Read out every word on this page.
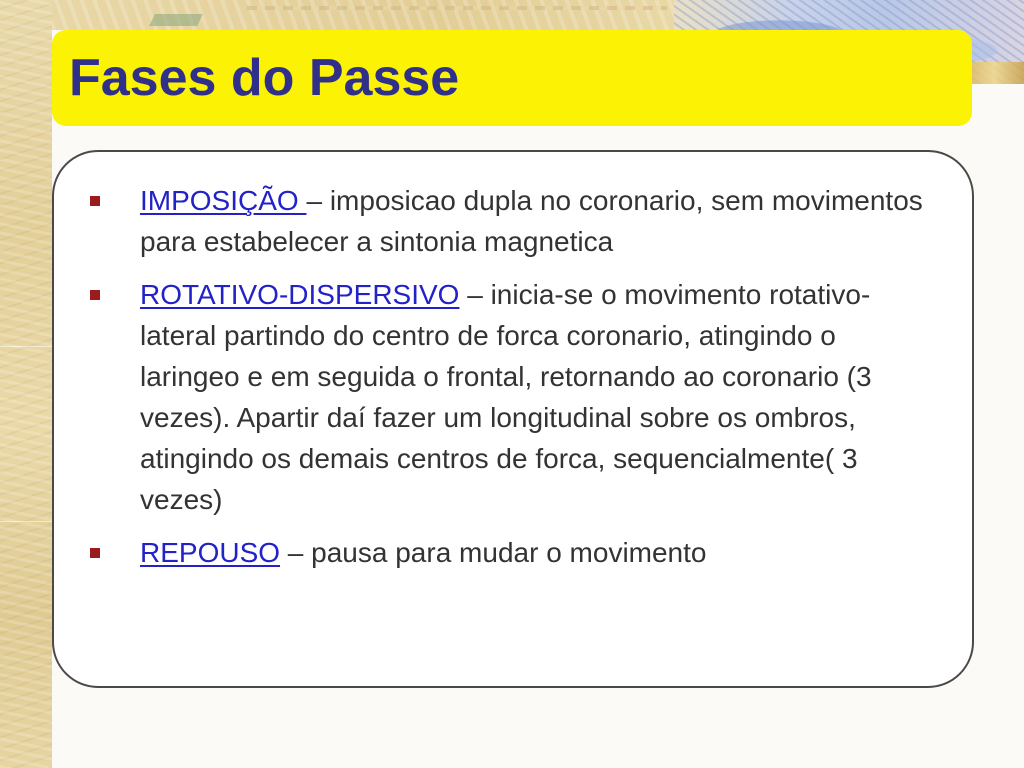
Fases do Passe
IMPOSIÇÃO – imposicao dupla no coronario, sem movimentos para estabelecer a sintonia magnetica
ROTATIVO-DISPERSIVO – inicia-se o movimento rotativo-lateral partindo do centro de forca coronario, atingindo o laringeo e em seguida o frontal, retornando ao coronario (3 vezes). Apartir daí fazer um longitudinal sobre os ombros, atingindo os demais centros de forca, sequencialmente( 3 vezes)
REPOUSO – pausa para mudar o movimento
